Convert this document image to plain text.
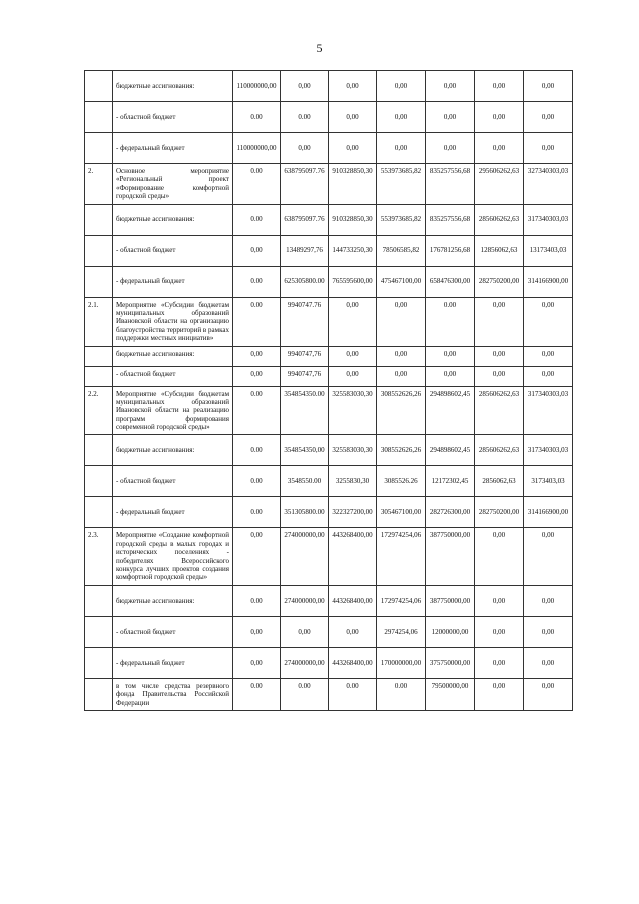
5
	бюджетные ассигнования:	110000000,00	0,00	0,00	0,00	0,00	0,00	0,00
	- областной бюджет	0.00	0.00	0,00	0,00	0,00	0,00	0,00
	- федеральный бюджет	110000000,00	0,00	0,00	0,00	0,00	0,00	0,00
2.	Основное мероприятие «Региональный проект «Формирование комфортной городской среды»	0.00	638795097.76	910328850,30	553973685,82	835257556,68	295606262,63	327340303,03
	бюджетные ассигнования:	0.00	638795097.76	910328850,30	553973685,82	835257556,68	285606262,63	317340303,03
	- областной бюджет	0,00	13489297,76	144733250,30	78506585,82	176781256,68	12856062,63	13173403,03
	- федеральный бюджет	0.00	625305800.00	765595600,00	475467100,00	658476300,00	282750200,00	314166900,00
2.1.	Мероприятие «Субсидии бюджетам муниципальных образований Ивановской области на организацию благоустройства территорий в рамках поддержки местных инициатив»	0.00	9940747.76	0,00	0,00	0.00	0,00	0,00
	бюджетные ассигнования:	0,00	9940747,76	0,00	0,00	0,00	0,00	0,00
	- областной бюджет	0,00	9940747,76	0,00	0,00	0,00	0,00	0,00
2.2.	Мероприятие «Субсидии бюджетам муниципальных образований Ивановской области на реализацию программ формирования современной городской среды»	0.00	354854350.00	325583030,30	308552626,26	294898602,45	285606262,63	317340303,03
	бюджетные ассигнования:	0.00	354854350,00	325583030,30	308552626,26	294898602,45	285606262,63	317340303,03
	- областной бюджет	0.00	3548550.00	3255830,30	3085526.26	12172302,45	2856062,63	3173403,03
	- федеральный бюджет	0.00	351305800.00	322327200,00	305467100,00	282726300,00	282750200,00	314166900,00
2.3.	Мероприятие «Создание комфортной городской среды в малых городах и исторических поселениях - победителях Всероссийского конкурса лучших проектов создания комфортной городской среды»	0,00	274000000,00	443268400,00	172974254,06	387750000,00	0,00	0,00
	бюджетные ассигнования:	0.00	274000000,00	443268400,00	172974254,06	387750000,00	0,00	0,00
	- областной бюджет	0,00	0,00	0,00	2974254,06	12000000,00	0,00	0,00
	- федеральный бюджет	0,00	274000000,00	443268400,00	170000000,00	375750000,00	0,00	0,00
	в том числе средства резервного фонда Правительства Российской Федерации	0.00	0.00	0.00	0.00	79500000,00	0,00	0,00
